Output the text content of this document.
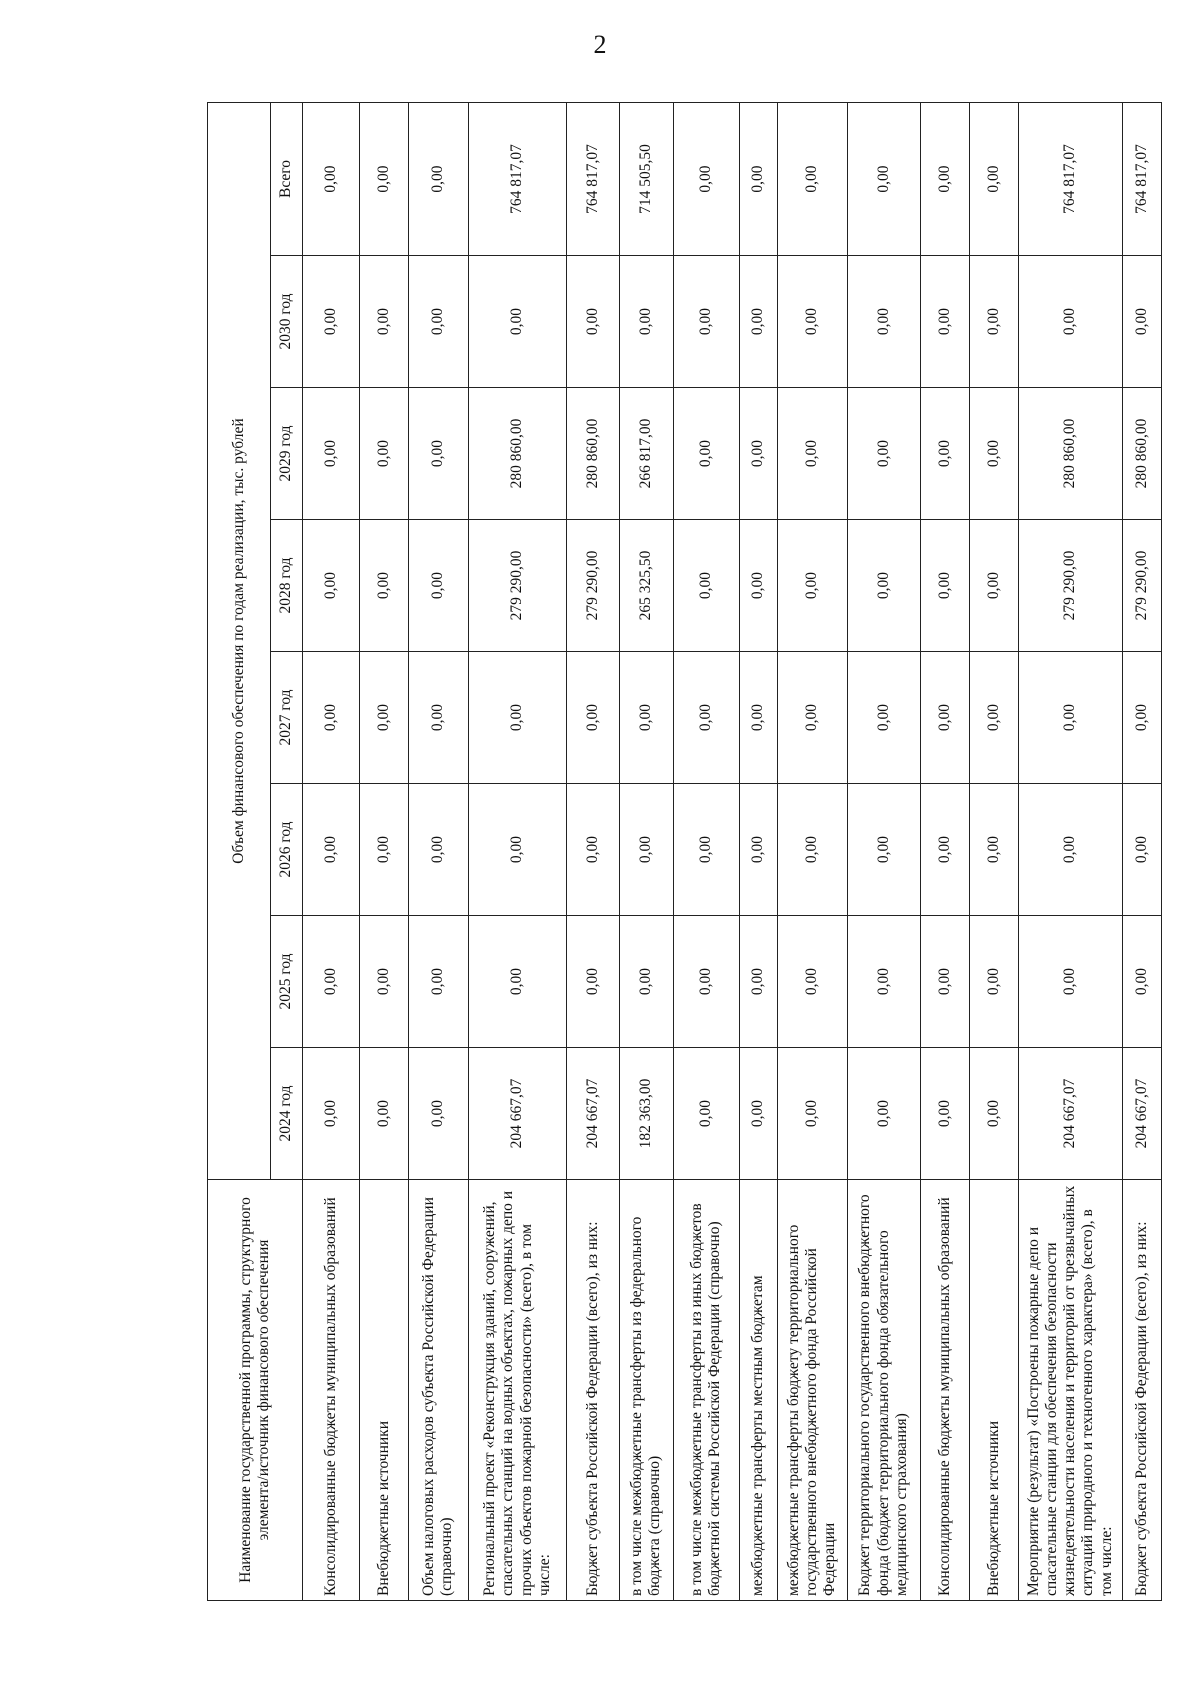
2
Наименование государственной программы, структурного элемента/источник финансового обеспечения	Объем финансового обеспечения по годам реализации, тыс. рублей							
	2024 год	2025 год	2026 год	2027 год	2028 год	2029 год	2030 год	Всего
Консолидированные бюджеты муниципальных образований	0,00	0,00	0,00	0,00	0,00	0,00	0,00	0,00
Внебюджетные источники	0,00	0,00	0,00	0,00	0,00	0,00	0,00	0,00
Объем налоговых расходов субъекта Российской Федерации (справочно)	0,00	0,00	0,00	0,00	0,00	0,00	0,00	0,00
Региональный проект «Реконструкция зданий, сооружений, спасательных станций на водных объектах, пожарных депо и прочих объектов пожарной безопасности» (всего), в том числе:	204 667,07	0,00	0,00	0,00	279 290,00	280 860,00	0,00	764 817,07
Бюджет субъекта Российской Федерации (всего), из них:	204 667,07	0,00	0,00	0,00	279 290,00	280 860,00	0,00	764 817,07
в том числе межбюджетные трансферты из федерального бюджета (справочно)	182 363,00	0,00	0,00	0,00	265 325,50	266 817,00	0,00	714 505,50
в том числе межбюджетные трансферты из иных бюджетов бюджетной системы Российской Федерации (справочно)	0,00	0,00	0,00	0,00	0,00	0,00	0,00	0,00
межбюджетные трансферты местным бюджетам	0,00	0,00	0,00	0,00	0,00	0,00	0,00	0,00
межбюджетные трансферты бюджету территориального государственного внебюджетного фонда Российской Федерации	0,00	0,00	0,00	0,00	0,00	0,00	0,00	0,00
Бюджет территориального государственного внебюджетного фонда (бюджет территориального фонда обязательного медицинского страхования)	0,00	0,00	0,00	0,00	0,00	0,00	0,00	0,00
Консолидированные бюджеты муниципальных образований	0,00	0,00	0,00	0,00	0,00	0,00	0,00	0,00
Внебюджетные источники	0,00	0,00	0,00	0,00	0,00	0,00	0,00	0,00
Мероприятие (результат) «Построены пожарные депо и спасательные станции для обеспечения безопасности жизнедеятельности населения и территорий от чрезвычайных ситуаций природного и техногенного характера» (всего), в том числе:	204 667,07	0,00	0,00	0,00	279 290,00	280 860,00	0,00	764 817,07
Бюджет субъекта Российской Федерации (всего), из них:	204 667,07	0,00	0,00	0,00	279 290,00	280 860,00	0,00	764 817,07
